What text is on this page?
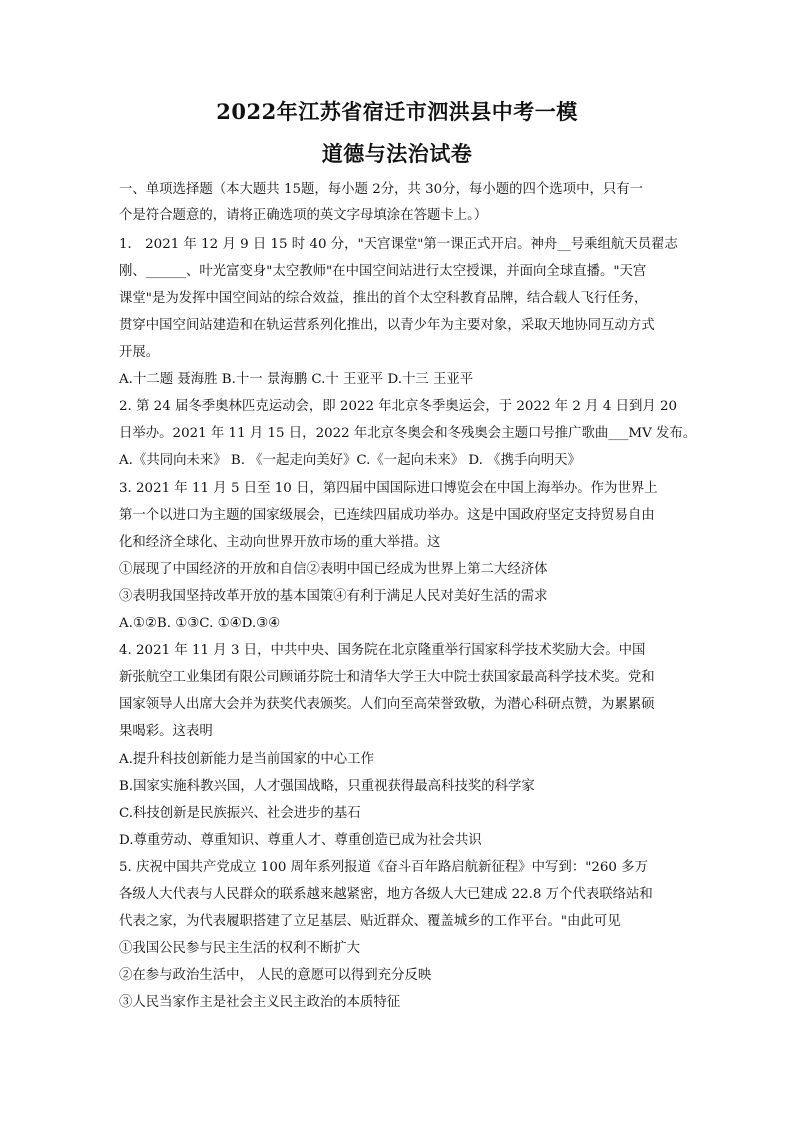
2022年江苏省宿迁市泗洪县中考一模
道德与法治试卷
一、单项选择题（本大题共 15题，每小题 2分，共 30分，每小题的四个选项中，只有一
个是符合题意的，请将正确选项的英文字母填涂在答题卡上。）
1． 2021 年 12 月 9 日 15 时 40 分，"天宫课堂"第一课正式开启。神舟__号乘组航天员翟志
刚、______、叶光富变身"太空教师"在中国空间站进行太空授课，并面向全球直播。"天宫
课堂"是为发挥中国空间站的综合效益，推出的首个太空科教育品牌，结合载人飞行任务，
贯穿中国空间站建造和在轨运营系列化推出，以青少年为主要对象，采取天地协同互动方式
开展。
A.十二题 聂海胜 B.十一 景海鹏 C.十 王亚平 D.十三 王亚平
2. 第 24 届冬季奥林匹克运动会，即 2022 年北京冬季奥运会，于 2022 年 2 月 4 日到月 20
日举办。2021 年 11 月 15 日，2022 年北京冬奥会和冬残奥会主题口号推广歌曲___MV 发布。
A.《共同向未来》 B. 《一起走向美好》C.《一起向未来》 D. 《携手向明天》
3. 2021 年 11 月 5 日至 10 日，第四届中国国际进口博览会在中国上海举办。作为世界上
第一个以进口为主题的国家级展会，已连续四届成功举办。这是中国政府坚定支持贸易自由
化和经济全球化、主动向世界开放市场的重大举措。这
①展现了中国经济的开放和自信②表明中国已经成为世界上第二大经济体
③表明我国坚持改革开放的基本国策④有利于满足人民对美好生活的需求
A.①②B. ①③C. ①④D.③④
4. 2021 年 11 月 3 日，中共中央、国务院在北京隆重举行国家科学技术奖励大会。中国
新张航空工业集团有限公司顾诵芬院士和清华大学王大中院士获国家最高科学技术奖。党和
国家领导人出席大会并为获奖代表颁奖。人们向至高荣誉致敬，为潜心科研点赞，为累累硕
果喝彩。这表明
A.提升科技创新能力是当前国家的中心工作
B.国家实施科教兴国，人才强国战略，只重视获得最高科技奖的科学家
C.科技创新是民族振兴、社会进步的基石
D.尊重劳动、尊重知识、尊重人才、尊重创造已成为社会共识
5. 庆祝中国共产党成立 100 周年系列报道《奋斗百年路启航新征程》中写到："260 多万
各级人大代表与人民群众的联系越来越紧密，地方各级人大已建成 22.8 万个代表联络站和
代表之家，为代表履职搭建了立足基层、贴近群众、覆盖城乡的工作平台。"由此可见
①我国公民参与民主生活的权利不断扩大
②在参与政治生活中， 人民的意愿可以得到充分反映
③人民当家作主是社会主义民主政治的本质特征
